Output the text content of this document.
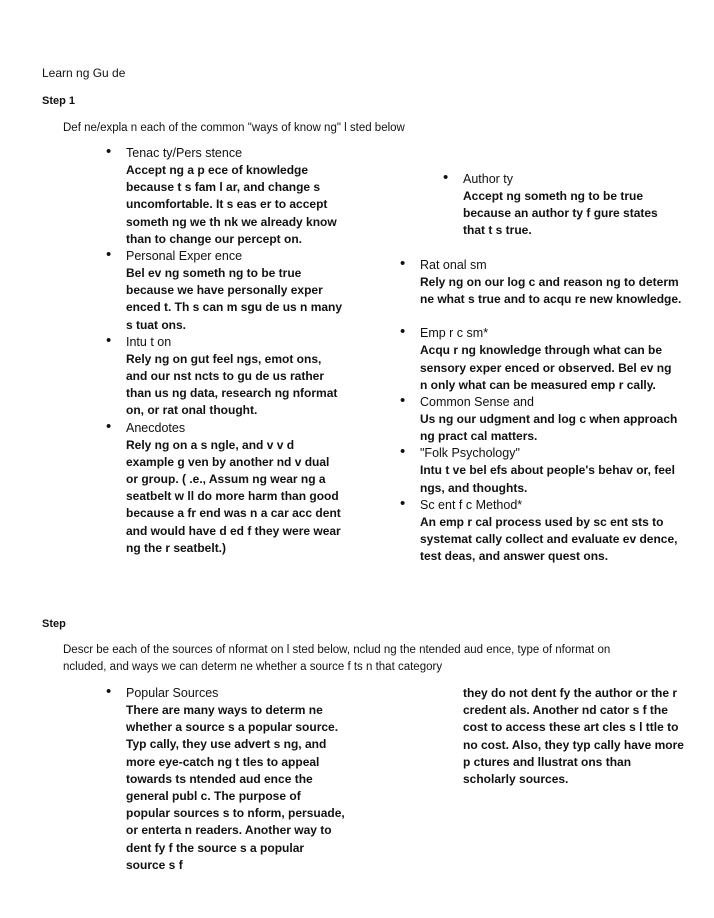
Learn ng Gu de
Step 1
Def ne/expla n each of the common "ways of know ng" l sted below
• Tenac ty/Pers stence
Accept ng a p ece of knowledge because t s fam l ar, and change s uncomfortable. It s eas er to accept someth ng we th nk we already know than to change our percept on.
• Personal Exper ence
Bel ev ng someth ng to be true because we have personally exper enced t. Th s can m sgu de us n many s tuat ons.
• Intu t on
Rely ng on gut feel ngs, emot ons, and our nst ncts to gu de us rather than us ng data, research ng nformat on, or rat onal thought.
• Anecdotes
Rely ng on a s ngle, and v v d example g ven by another nd v dual or group. ( .e., Assum ng wear ng a seatbelt w ll do more harm than good because a fr end was n a car acc dent and would have d ed f they were wear ng the r seatbelt.)
• Author ty
Accept ng someth ng to be true because an author ty f gure states that t s true.
• Rat onal sm
Rely ng on our log c and reason ng to determ ne what s true and to acqu re new knowledge.
• Emp r c sm*
Acqu r ng knowledge through what can be sensory exper enced or observed. Bel ev ng n only what can be measured emp r cally.
• Common Sense and
Us ng our udgment and log c when approach ng pract cal matters.
• "Folk Psychology"
Intu t ve bel efs about people's behav or, feel ngs, and thoughts.
• Sc ent f c Method*
An emp r cal process used by sc ent sts to systemat cally collect and evaluate ev dence, test deas, and answer quest ons.
Step
Descr be each of the sources of nformat on l sted below, nclud ng the ntended aud ence, type of nformat on ncluded, and ways we can determ ne whether a source f ts n that category
• Popular Sources
There are many ways to determ ne whether a source s a popular source. Typ cally, they use advert s ng, and more eye-catch ng t tles to appeal towards ts ntended aud ence the general publ c. The purpose of popular sources s to nform, persuade, or enterta n readers. Another way to dent fy f the source s a popular source s f
they do not dent fy the author or the r credent als. Another nd cator s f the cost to access these art cles s l ttle to no cost. Also, they typ cally have more p ctures and llustrat ons than scholarly sources.
